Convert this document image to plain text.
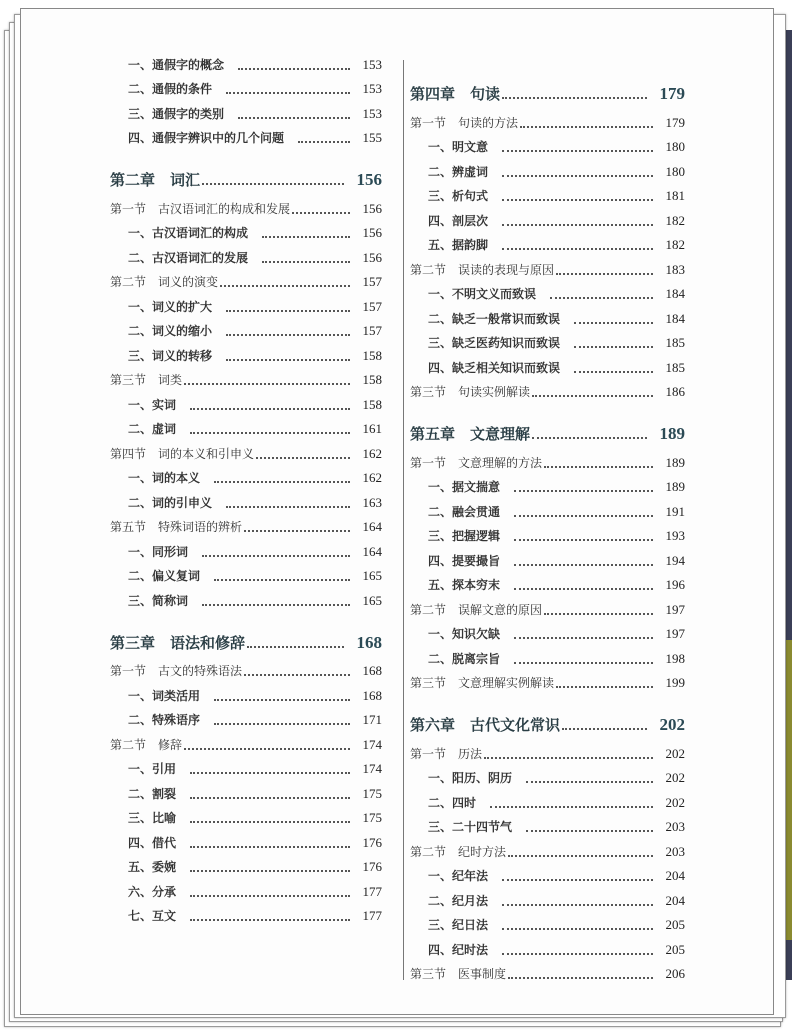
一、通假字的概念	153
二、通假的条件	153
三、通假字的类别	153
四、通假字辨识中的几个问题	155
第二章　词汇	156
第一节　古汉语词汇的构成和发展	156
一、古汉语词汇的构成	156
二、古汉语词汇的发展	156
第二节　词义的演变	157
一、词义的扩大	157
二、词义的缩小	157
三、词义的转移	158
第三节　词类	158
一、实词	158
二、虚词	161
第四节　词的本义和引申义	162
一、词的本义	162
二、词的引申义	163
第五节　特殊词语的辨析	164
一、同形词	164
二、偏义复词	165
三、简称词	165
第三章　语法和修辞	168
第一节　古文的特殊语法	168
一、词类活用	168
二、特殊语序	171
第二节　修辞	174
一、引用	174
二、割裂	175
三、比喻	175
四、借代	176
五、委婉	176
六、分承	177
七、互文	177
第四章　句读	179
第一节　句读的方法	179
一、明文意	180
二、辨虚词	180
三、析句式	181
四、剖层次	182
五、据韵脚	182
第二节　误读的表现与原因	183
一、不明文义而致误	184
二、缺乏一般常识而致误	184
三、缺乏医药知识而致误	185
四、缺乏相关知识而致误	185
第三节　句读实例解读	186
第五章　文意理解	189
第一节　文意理解的方法	189
一、据文揣意	189
二、融会贯通	191
三、把握逻辑	193
四、提要撮旨	194
五、探本穷末	196
第二节　误解文意的原因	197
一、知识欠缺	197
二、脱离宗旨	198
第三节　文意理解实例解读	199
第六章　古代文化常识	202
第一节　历法	202
一、阳历、阴历	202
二、四时	202
三、二十四节气	203
第二节　纪时方法	203
一、纪年法	204
二、纪月法	204
三、纪日法	205
四、纪时法	205
第三节　医事制度	206
